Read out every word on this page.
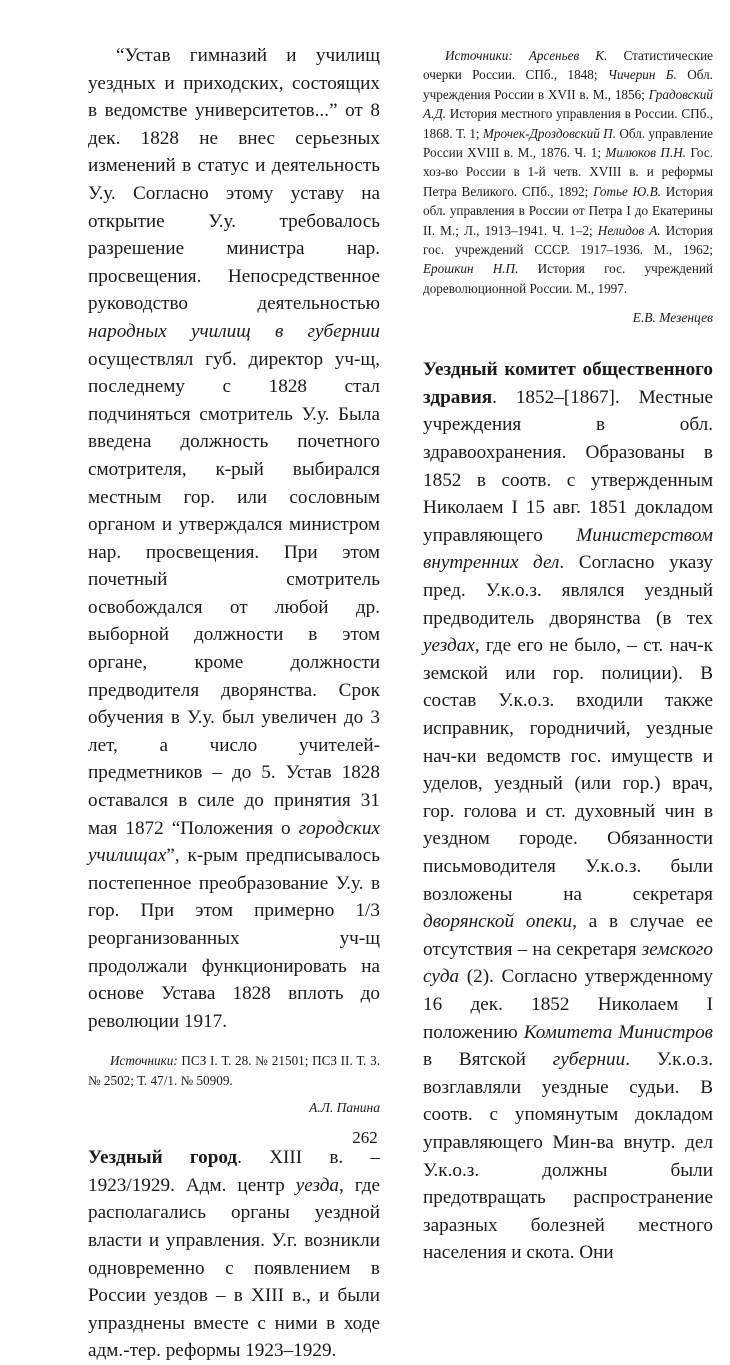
“Устав гимназий и училищ уездных и приходских, состоящих в ведомстве университетов...” от 8 дек. 1828 не внес серьезных изменений в статус и деятельность У.у. Согласно этому уставу на открытие У.у. требовалось разрешение министра нар. просвещения. Непосредственное руководство деятельностью народных училищ в губернии осуществлял губ. директор уч-щ, последнему с 1828 стал подчиняться смотритель У.у. Была введена должность почетного смотрителя, к-рый выбирался местным гор. или сословным органом и утверждался министром нар. просвещения. При этом почетный смотритель освобождался от любой др. выборной должности в этом органе, кроме должности предводителя дворянства. Срок обучения в У.у. был увеличен до 3 лет, а число учителей-предметников – до 5. Устав 1828 оставался в силе до принятия 31 мая 1872 “Положения о городских училищах”, к-рым предписывалось постепенное преобразование У.у. в гор. При этом примерно 1/3 реорганизованных уч-щ продолжали функционировать на основе Устава 1828 вплоть до революции 1917.

Источники: ПСЗ I. Т. 28. № 21501; ПСЗ II. Т. 3. № 2502; Т. 47/1. № 50909.

А.Л. Панина

Уездный город. XIII в. – 1923/1929. Адм. центр уезда, где располагались органы уездной власти и управления. У.г. возникли одновременно с появлением в России уездов – в XIII в., и были упразднены вместе с ними в ходе адм.-тер. реформы 1923–1929.

Источники: Арсеньев К. Статистические очерки России. СПб., 1848; Чичерин Б. Обл. учреждения России в XVII в. М., 1856; Градовский А.Д. История местного управления в России. СПб., 1868. Т. 1; Мрочек-Дроздовский П. Обл. управление России XVIII в. М., 1876. Ч. 1; Милюков П.Н. Гос. хоз-во России в 1-й четв. XVIII в. и реформы Петра Великого. СПб., 1892; Готье Ю.В. История обл. управления в России от Петра I до Екатерины II. М.; Л., 1913–1941. Ч. 1–2; Нелидов А. История гос. учреждений СССР. 1917–1936. М., 1962; Ерошкин Н.П. История гос. учреждений дореволюционной России. М., 1997.

Е.В. Мезенцев

Уездный комитет общественного здравия. 1852–[1867]. Местные учреждения в обл. здравоохранения. Образованы в 1852 в соотв. с утвержденным Николаем I 15 авг. 1851 докладом управляющего Министерством внутренних дел. Согласно указу пред. У.к.о.з. являлся уездный предводитель дворянства (в тех уездах, где его не было, – ст. нач-к земской или гор. полиции). В состав У.к.о.з. входили также исправник, городничий, уездные нач-ки ведомств гос. имуществ и уделов, уездный (или гор.) врач, гор. голова и ст. духовный чин в уездном городе. Обязанности письмоводителя У.к.о.з. были возложены на секретаря дворянской опеки, а в случае ее отсутствия – на секретаря земского суда (2). Согласно утвержденному 16 дек. 1852 Николаем I положению Комитета Министров в Вятской губернии. У.к.о.з. возглавляли уездные судьи. В соотв. с упомянутым докладом управляющего Мин-ва внутр. дел У.к.о.з. должны были предотвращать распространение заразных болезней местного населения и скота. Они

262
